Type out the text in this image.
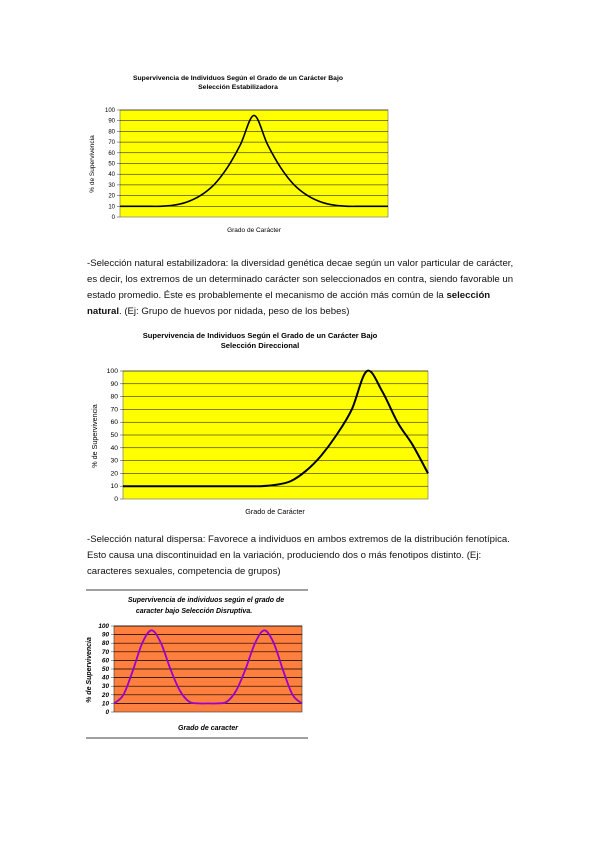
Supervivencia de Individuos Según el Grado de un Carácter Bajo
Selección Estabilizadora
0
10
20
30
40
50
60
70
80
90
100
% de Supervivencia
Grado de Carácter

-Selección natural estabilizadora: la diversidad genética decae según un valor particular de carácter, es decir, los extremos de un determinado carácter son seleccionados en contra, siendo favorable un estado promedio. Éste es probablemente el mecanismo de acción más común de la selección natural. (Ej: Grupo de huevos por nidada, peso de los bebes)

Supervivencia de Individuos Según el Grado de un Carácter Bajo
Selección Direccional
0
10
20
30
40
50
60
70
80
90
100
% de Supervivencia
Grado de Carácter

-Selección natural dispersa: Favorece a individuos en ambos extremos de la distribución fenotípica. Esto causa una discontinuidad en la variación, produciendo dos o más fenotipos distinto. (Ej: caracteres sexuales, competencia de grupos)

Supervivencia de individuos según el grado de
caracter bajo Selección Disruptiva.
0
10
20
30
40
50
60
70
80
90
100
% de Supervivencia
Grado de caracter
